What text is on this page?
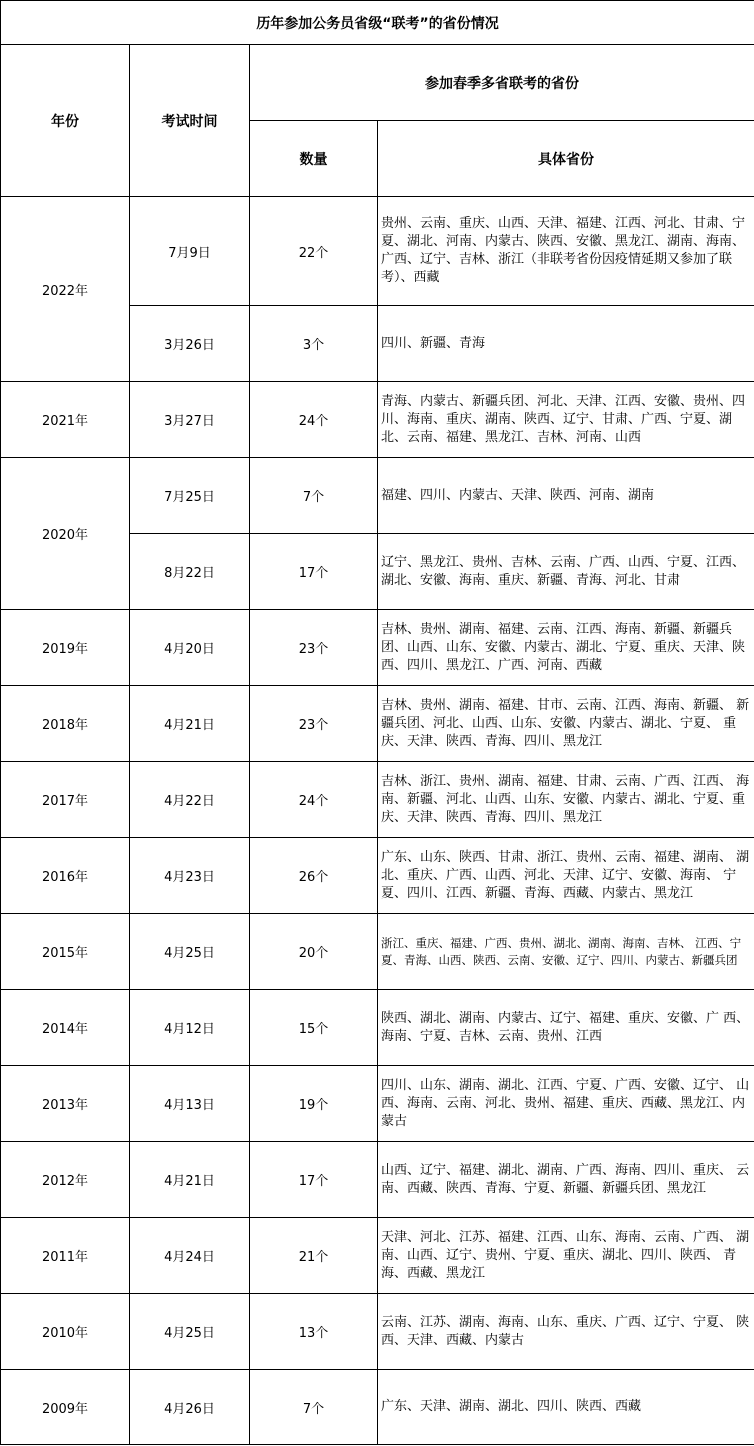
历年参加公务员省级“联考”的省份情况			
年份	考试时间	参加春季多省联考的省份	
		数量	具体省份
2022年	7月9日	22个	贵州、云南、重庆、山西、天津、福建、江西、河北、甘肃、宁夏、湖北、河南、内蒙古、陕西、安徽、黑龙江、湖南、海南、广西、辽宁、吉林、浙江（非联考省份因疫情延期又参加了联考）、西藏
	3月26日	3个	四川、新疆、青海
2021年	3月27日	24个	青海、内蒙古、新疆兵团、河北、天津、江西、安徽、贵州、四川、海南、重庆、湖南、陕西、辽宁、甘肃、广西、宁夏、湖北、云南、福建、黑龙江、吉林、河南、山西
2020年	7月25日	7个	福建、四川、内蒙古、天津、陕西、河南、湖南
	8月22日	17个	辽宁、黑龙江、贵州、吉林、云南、广西、山西、宁夏、江西、湖北、安徽、海南、重庆、新疆、青海、河北、甘肃
2019年	4月20日	23个	吉林、贵州、湖南、福建、云南、江西、海南、新疆、新疆兵团、山西、山东、安徽、内蒙古、湖北、宁夏、重庆、天津、陕西、四川、黑龙江、广西、河南、西藏
2018年	4月21日	23个	吉林、贵州、湖南、福建、甘市、云南、江西、海南、新疆、 新疆兵团、河北、山西、山东、安徽、内蒙古、湖北、宁夏、 重庆、天津、陕西、青海、四川、黑龙江
2017年	4月22日	24个	吉林、浙江、贵州、湖南、福建、甘肃、云南、广西、江西、 海南、新疆、河北、山西、山东、安徽、内蒙古、湖北、宁夏、重庆、天津、陕西、青海、四川、黑龙江
2016年	4月23日	26个	广东、山东、陕西、甘肃、浙江、贵州、云南、福建、湖南、 湖北、重庆、广西、山西、河北、天津、辽宁、安徽、海南、 宁夏、四川、江西、新疆、青海、西藏、内蒙古、黑龙江
2015年	4月25日	20个	浙江、重庆、福建、广西、贵州、湖北、湖南、海南、吉林、 江西、宁夏、青海、山西、陕西、云南、安徽、辽宁、四川、内蒙古、新疆兵团
2014年	4月12日	15个	陕西、湖北、湖南、内蒙古、辽宁、福建、重庆、安徽、广 西、海南、宁夏、吉林、云南、贵州、江西
2013年	4月13日	19个	四川、山东、湖南、湖北、江西、宁夏、广西、安徽、辽宁、 山西、海南、云南、河北、贵州、福建、重庆、西藏、黑龙江、内蒙古
2012年	4月21日	17个	山西、辽宁、福建、湖北、湖南、广西、海南、四川、重庆、 云南、西藏、陕西、青海、宁夏、新疆、新疆兵团、黑龙江
2011年	4月24日	21个	天津、河北、江苏、福建、江西、山东、海南、云南、广西、 湖南、山西、辽宁、贵州、宁夏、重庆、湖北、四川、陕西、 青海、西藏、黑龙江
2010年	4月25日	13个	云南、江苏、湖南、海南、山东、重庆、广西、辽宁、宁夏、 陕西、天津、西藏、内蒙古
2009年	4月26日	7个	广东、天津、湖南、湖北、四川、陕西、西藏
